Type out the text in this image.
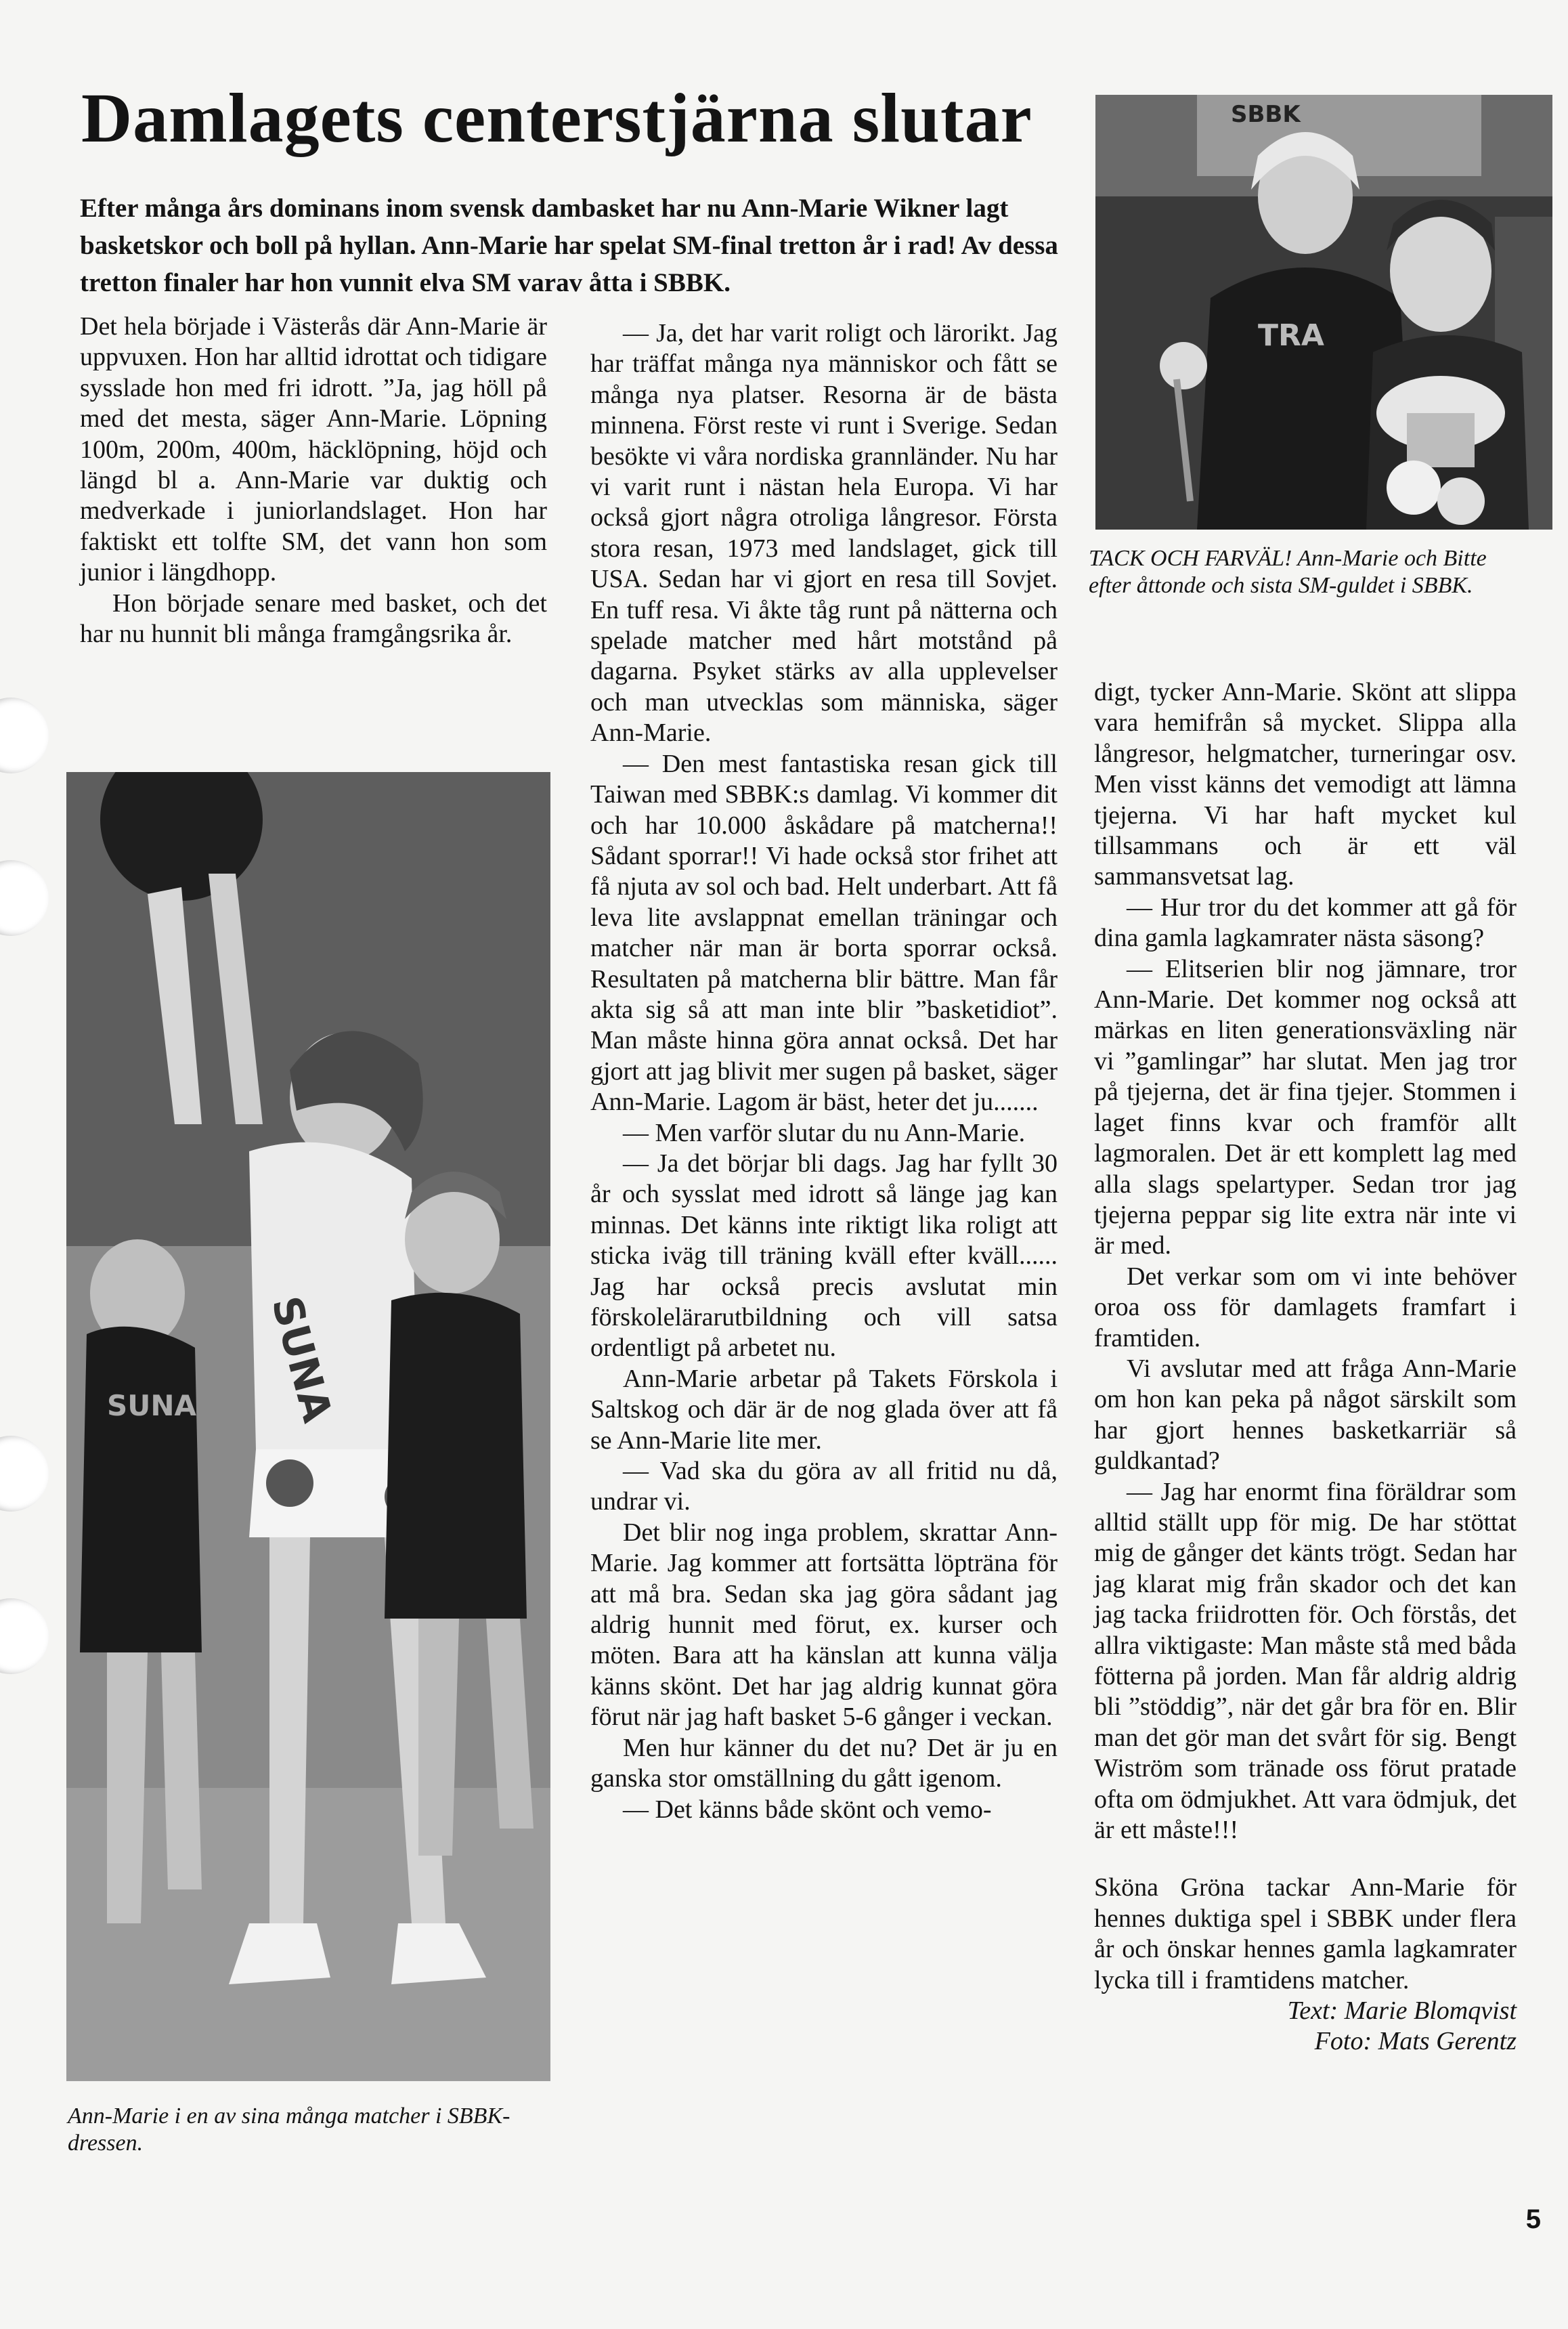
Damlagets centerstjärna slutar

Efter många års dominans inom svensk dambasket har nu Ann-Marie Wikner lagt basketskor och boll på hyllan. Ann-Marie har spelat SM-final tretton år i rad! Av dessa tretton finaler har hon vunnit elva SM varav åtta i SBBK.

SBBK
TRA

TACK OCH FARVÄL! Ann-Marie och Bitte efter åttonde och sista SM-guldet i SBBK.

Det hela började i Västerås där Ann-Marie är uppvuxen. Hon har alltid idrottat och tidigare sysslade hon med fri idrott. ”Ja, jag höll på med det mesta, säger Ann-Marie. Löpning 100m, 200m, 400m, häcklöpning, höjd och längd bl a. Ann-Marie var duktig och medverkade i juniorlandslaget. Hon har faktiskt ett tolfte SM, det vann hon som junior i längdhopp.

Hon började senare med basket, och det har nu hunnit bli många framgångsrika år.

SUNA
SUNA

Ann-Marie i en av sina många matcher i SBBK-dressen.

— Ja, det har varit roligt och lärorikt. Jag har träffat många nya människor och fått se många nya platser. Resorna är de bästa minnena. Först reste vi runt i Sverige. Sedan besökte vi våra nordiska grannländer. Nu har vi varit runt i nästan hela Europa. Vi har också gjort några otroliga långresor. Första stora resan, 1973 med landslaget, gick till USA. Sedan har vi gjort en resa till Sovjet. En tuff resa. Vi åkte tåg runt på nätterna och spelade matcher med hårt motstånd på dagarna. Psyket stärks av alla upplevelser och man utvecklas som människa, säger Ann-Marie.

— Den mest fantastiska resan gick till Taiwan med SBBK:s damlag. Vi kommer dit och har 10.000 åskådare på matcherna!! Sådant sporrar!! Vi hade också stor frihet att få njuta av sol och bad. Helt underbart. Att få leva lite avslappnat emellan träningar och matcher när man är borta sporrar också. Resultaten på matcherna blir bättre. Man får akta sig så att man inte blir ”basketidiot”. Man måste hinna göra annat också. Det har gjort att jag blivit mer sugen på basket, säger Ann-Marie. Lagom är bäst, heter det ju.......

— Men varför slutar du nu Ann-Marie.

— Ja det börjar bli dags. Jag har fyllt 30 år och sysslat med idrott så länge jag kan minnas. Det känns inte riktigt lika roligt att sticka iväg till träning kväll efter kväll...... Jag har också precis avslutat min förskolelärarutbildning och vill satsa ordentligt på arbetet nu.

Ann-Marie arbetar på Takets Förskola i Saltskog och där är de nog glada över att få se Ann-Marie lite mer.

— Vad ska du göra av all fritid nu då, undrar vi.

Det blir nog inga problem, skrattar Ann-Marie. Jag kommer att fortsätta löpträna för att må bra. Sedan ska jag göra sådant jag aldrig hunnit med förut, ex. kurser och möten. Bara att ha känslan att kunna välja känns skönt. Det har jag aldrig kunnat göra förut när jag haft basket 5-6 gånger i veckan.

Men hur känner du det nu? Det är ju en ganska stor omställning du gått igenom.

— Det känns både skönt och vemo-

digt, tycker Ann-Marie. Skönt att slippa vara hemifrån så mycket. Slippa alla långresor, helgmatcher, turneringar osv. Men visst känns det vemodigt att lämna tjejerna. Vi har haft mycket kul tillsammans och är ett väl sammansvetsat lag.

— Hur tror du det kommer att gå för dina gamla lagkamrater nästa säsong?

— Elitserien blir nog jämnare, tror Ann-Marie. Det kommer nog också att märkas en liten generationsväxling när vi ”gamlingar” har slutat. Men jag tror på tjejerna, det är fina tjejer. Stommen i laget finns kvar och framför allt lagmoralen. Det är ett komplett lag med alla slags spelartyper. Sedan tror jag tjejerna peppar sig lite extra när inte vi är med.

Det verkar som om vi inte behöver oroa oss för damlagets framfart i framtiden.

Vi avslutar med att fråga Ann-Marie om hon kan peka på något särskilt som har gjort hennes basketkarriär så guldkantad?

— Jag har enormt fina föräldrar som alltid ställt upp för mig. De har stöttat mig de gånger det känts trögt. Sedan har jag klarat mig från skador och det kan jag tacka friidrotten för. Och förstås, det allra viktigaste: Man måste stå med båda fötterna på jorden. Man får aldrig aldrig bli ”stöddig”, när det går bra för en. Blir man det gör man det svårt för sig. Bengt Wiström som tränade oss förut pratade ofta om ödmjukhet. Att vara ödmjuk, det är ett måste!!!

Sköna Gröna tackar Ann-Marie för hennes duktiga spel i SBBK under flera år och önskar hennes gamla lagkamrater lycka till i framtidens matcher.

Text: Marie Blomqvist

Foto: Mats Gerentz

5
